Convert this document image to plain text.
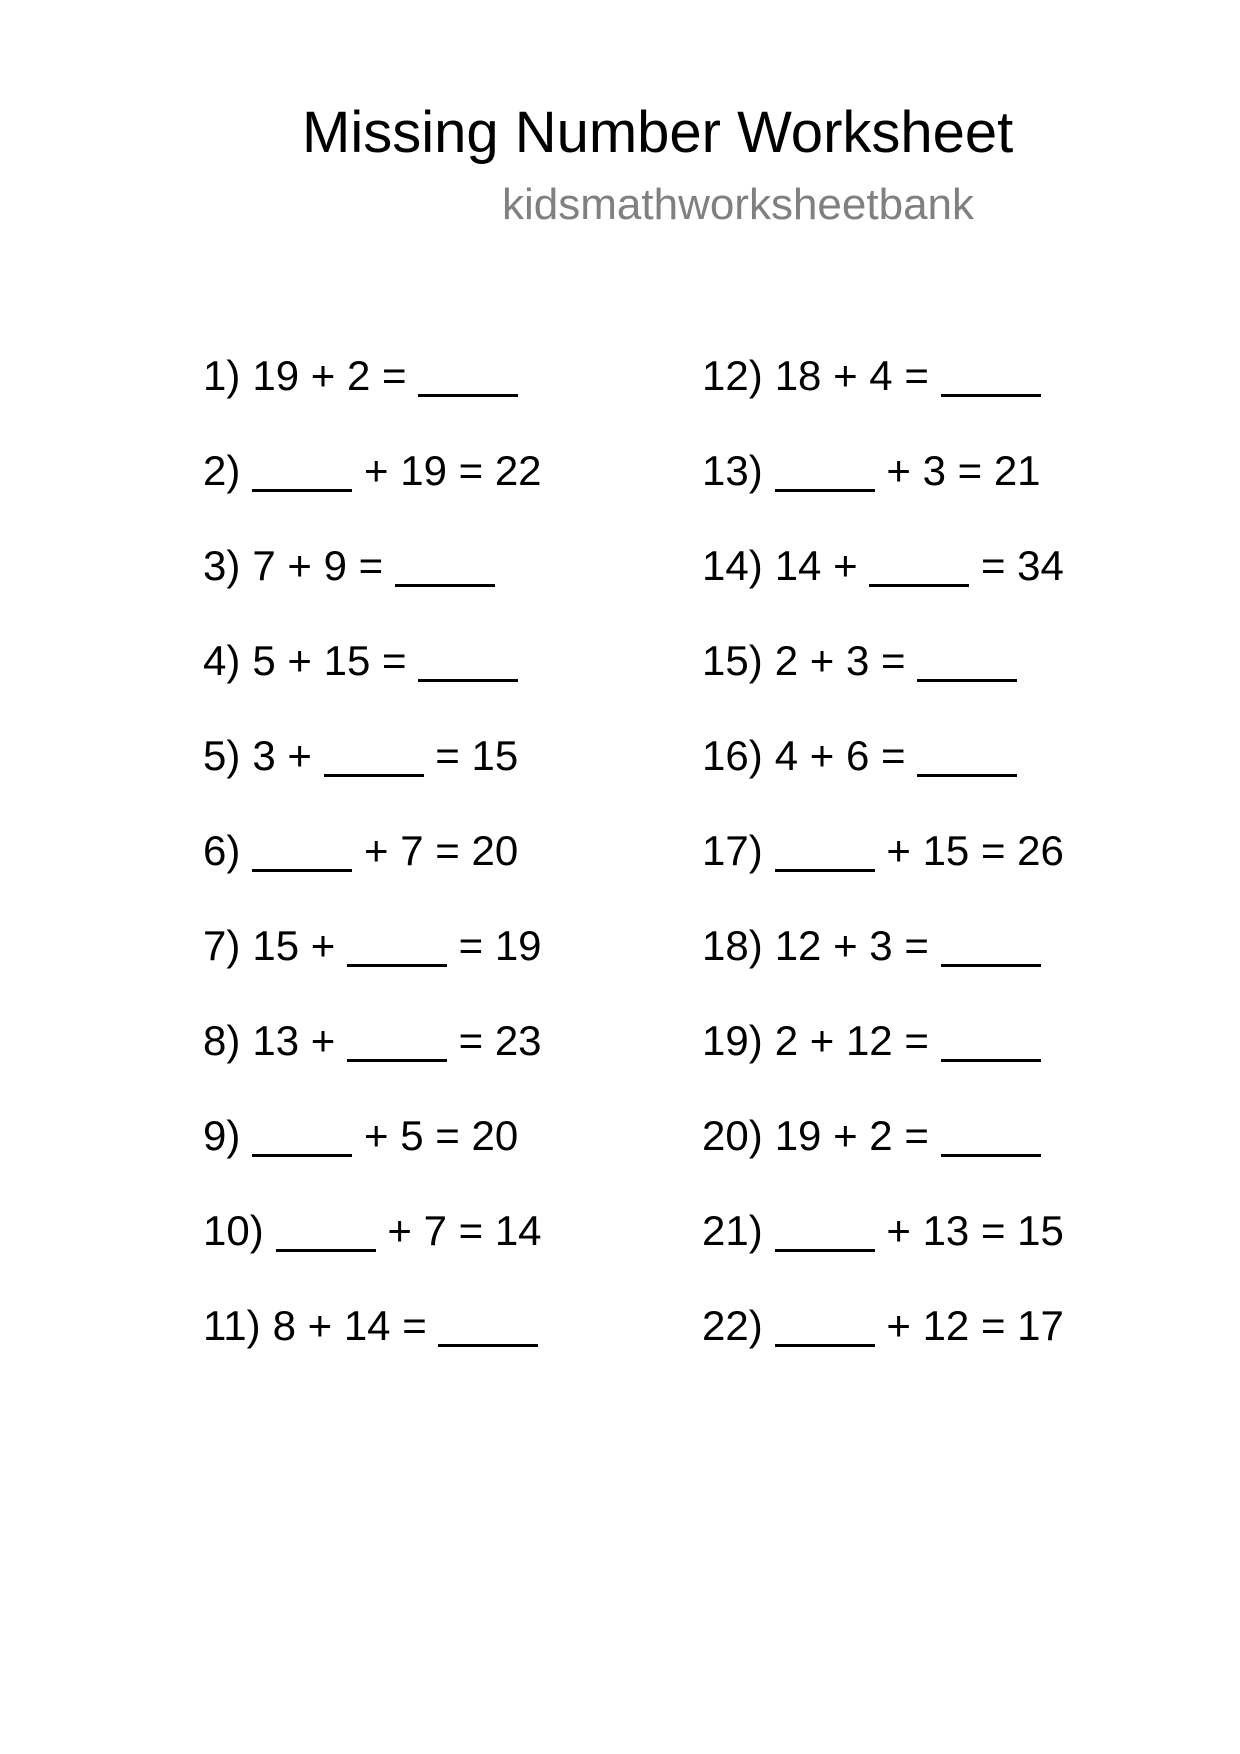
Missing Number Worksheet
kidsmathworksheetbank
1) 19 + 2 =
2)	+ 19 = 22
3) 7 + 9 =
4) 5 + 15 =
5) 3 +	= 15
6)	+ 7 = 20
7) 15 +	= 19
8) 13 +	= 23
9)	+ 5 = 20
10)	+ 7 = 14
11) 8 + 14 =
12) 18 + 4 =
13)	+ 3 = 21
14) 14 +	= 34
15) 2 + 3 =
16) 4 + 6 =
17)	+ 15 = 26
18) 12 + 3 =
19) 2 + 12 =
20) 19 + 2 =
21)	+ 13 = 15
22)	+ 12 = 17
